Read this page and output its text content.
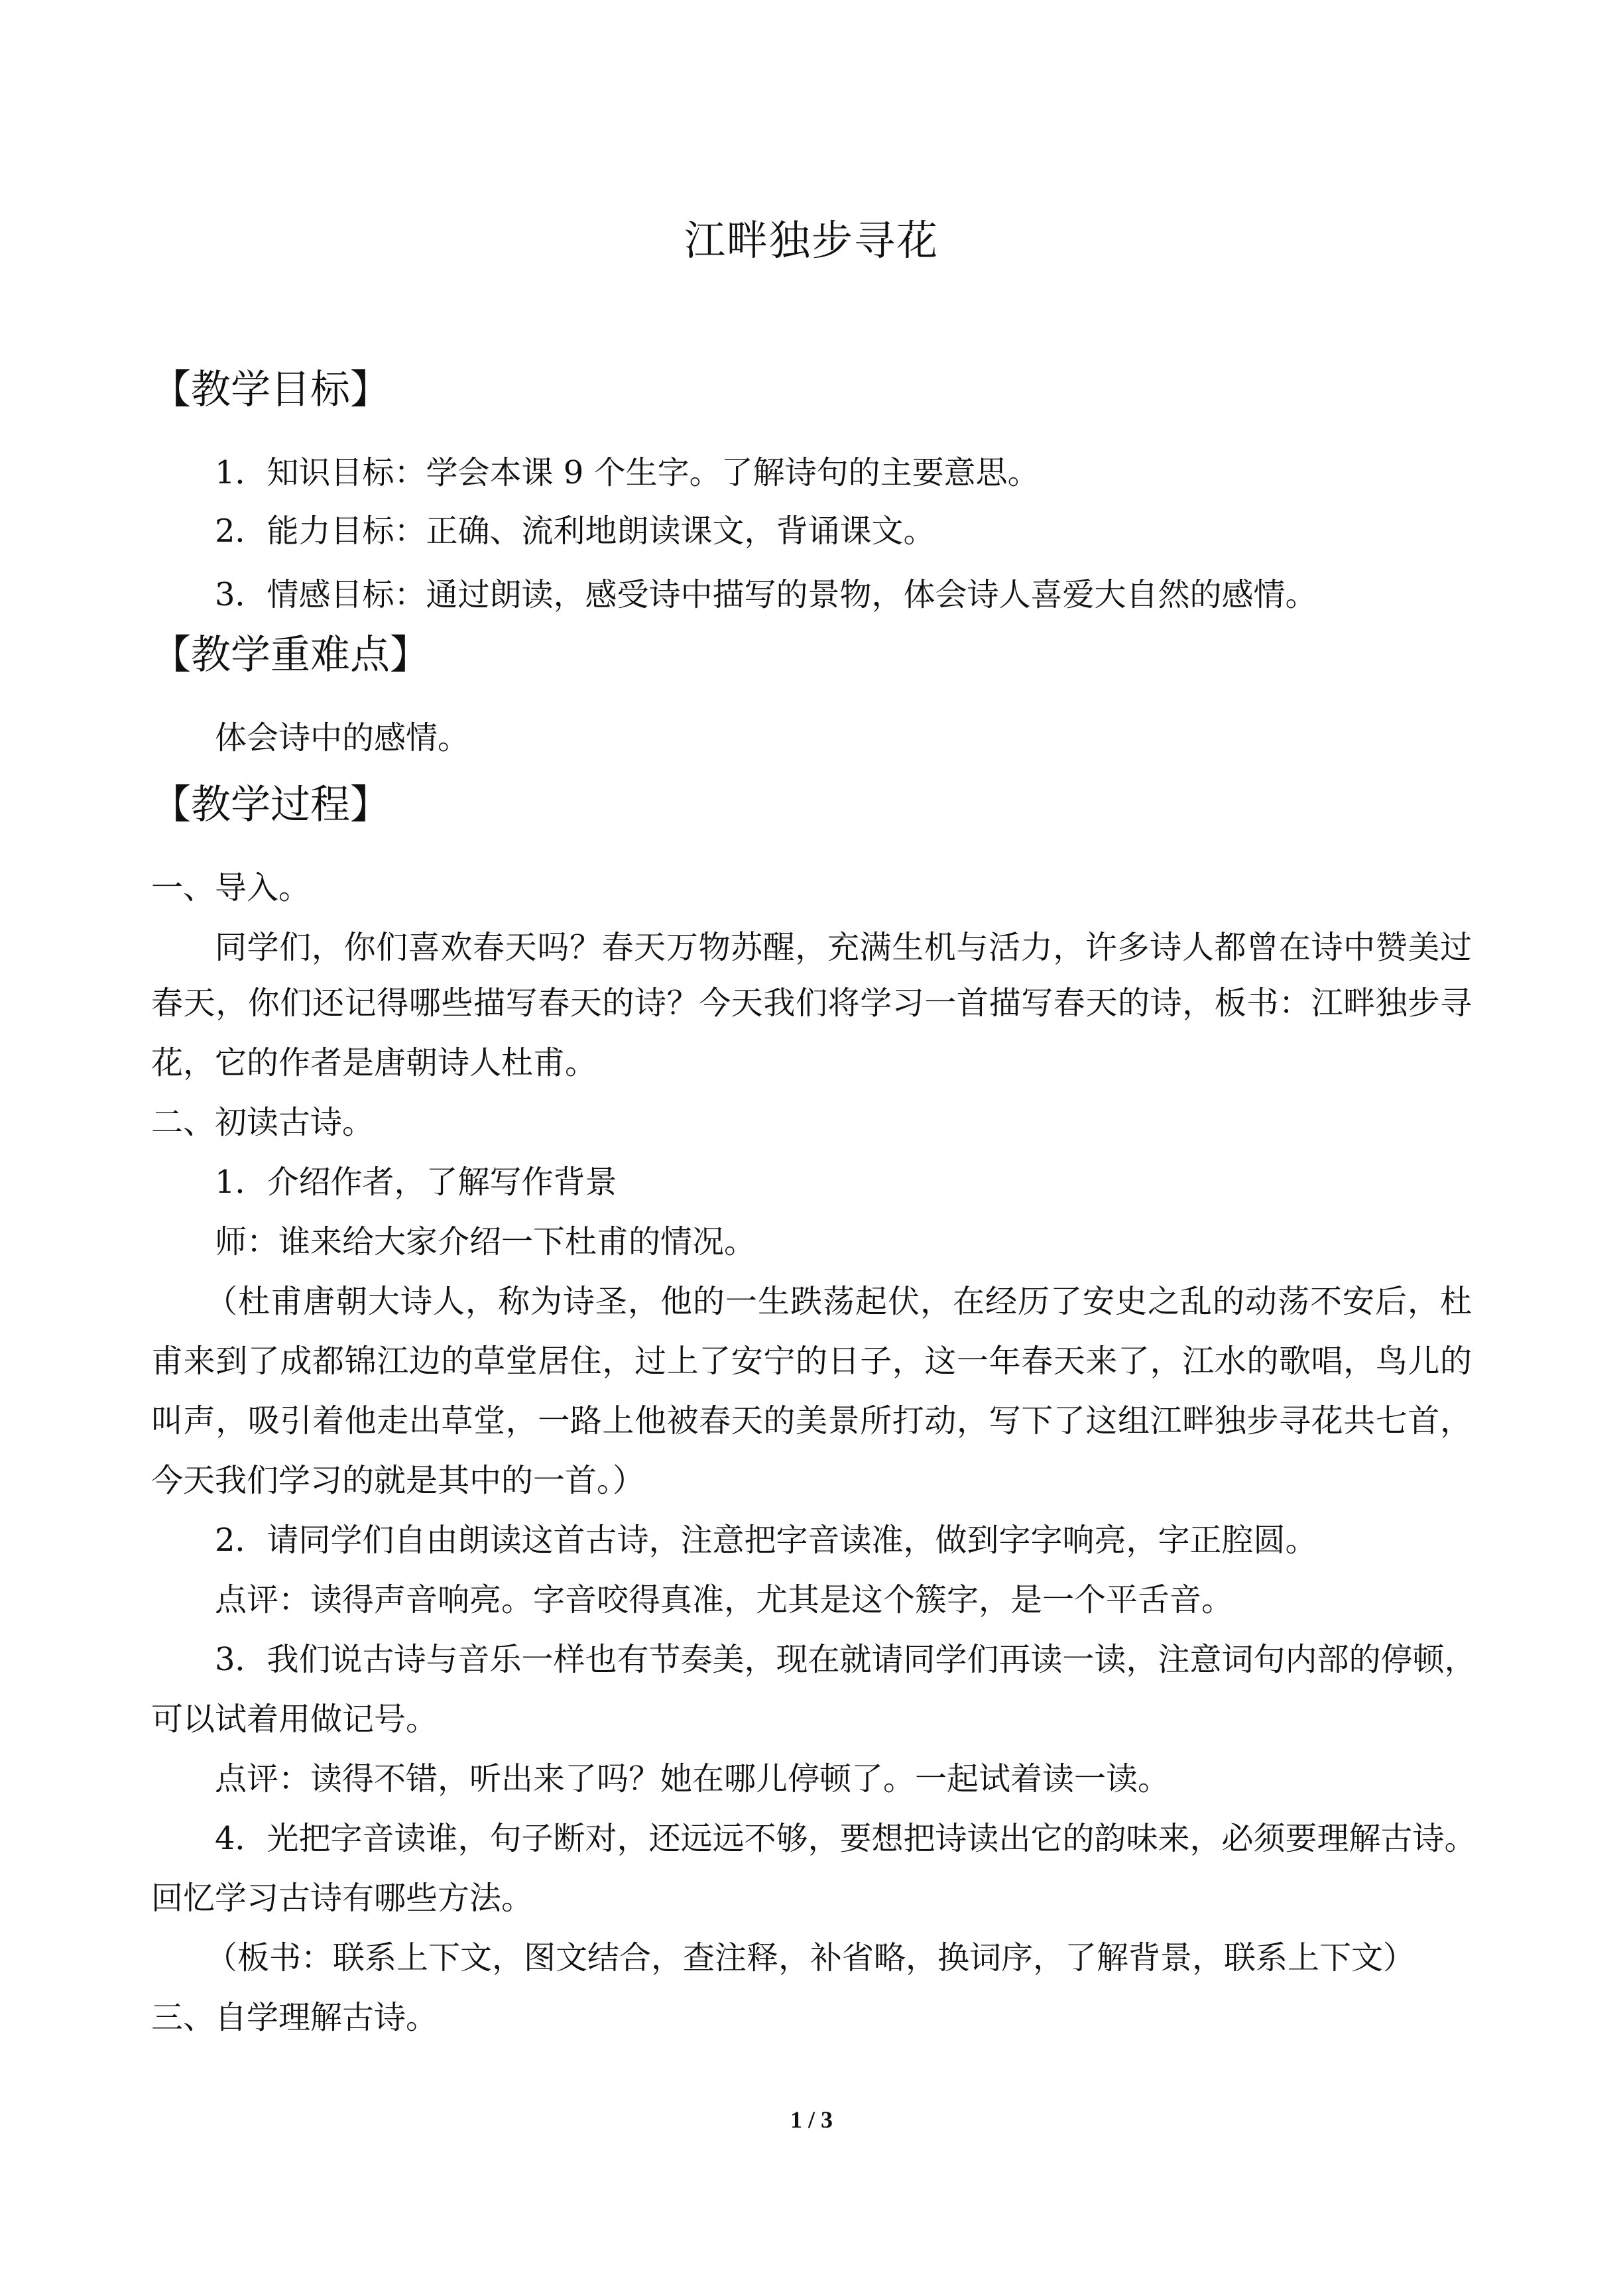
江畔独步寻花
【教学目标】
1．知识目标：学会本课 9 个生字。了解诗句的主要意思。
2．能力目标：正确、流利地朗读课文，背诵课文。
3．情感目标：通过朗读，感受诗中描写的景物，体会诗人喜爱大自然的感情。
【教学重难点】
体会诗中的感情。
【教学过程】
一、导入。
同学们，你们喜欢春天吗？春天万物苏醒，充满生机与活力，许多诗人都曾在诗中赞美过
春天，你们还记得哪些描写春天的诗？今天我们将学习一首描写春天的诗，板书：江畔独步寻
花，它的作者是唐朝诗人杜甫。
二、初读古诗。
1．介绍作者，了解写作背景
师：谁来给大家介绍一下杜甫的情况。
（杜甫唐朝大诗人，称为诗圣，他的一生跌荡起伏，在经历了安史之乱的动荡不安后，杜
甫来到了成都锦江边的草堂居住，过上了安宁的日子，这一年春天来了，江水的歌唱，鸟儿的
叫声，吸引着他走出草堂，一路上他被春天的美景所打动，写下了这组江畔独步寻花共七首，
今天我们学习的就是其中的一首。）
2．请同学们自由朗读这首古诗，注意把字音读准，做到字字响亮，字正腔圆。
点评：读得声音响亮。字音咬得真准，尤其是这个簇字，是一个平舌音。
3．我们说古诗与音乐一样也有节奏美，现在就请同学们再读一读，注意词句内部的停顿，
可以试着用做记号。
点评：读得不错，听出来了吗？她在哪儿停顿了。一起试着读一读。
4．光把字音读谁，句子断对，还远远不够，要想把诗读出它的韵味来，必须要理解古诗。
回忆学习古诗有哪些方法。
（板书：联系上下文，图文结合，查注释，补省略，换词序，了解背景，联系上下文）
三、自学理解古诗。
1 / 3
